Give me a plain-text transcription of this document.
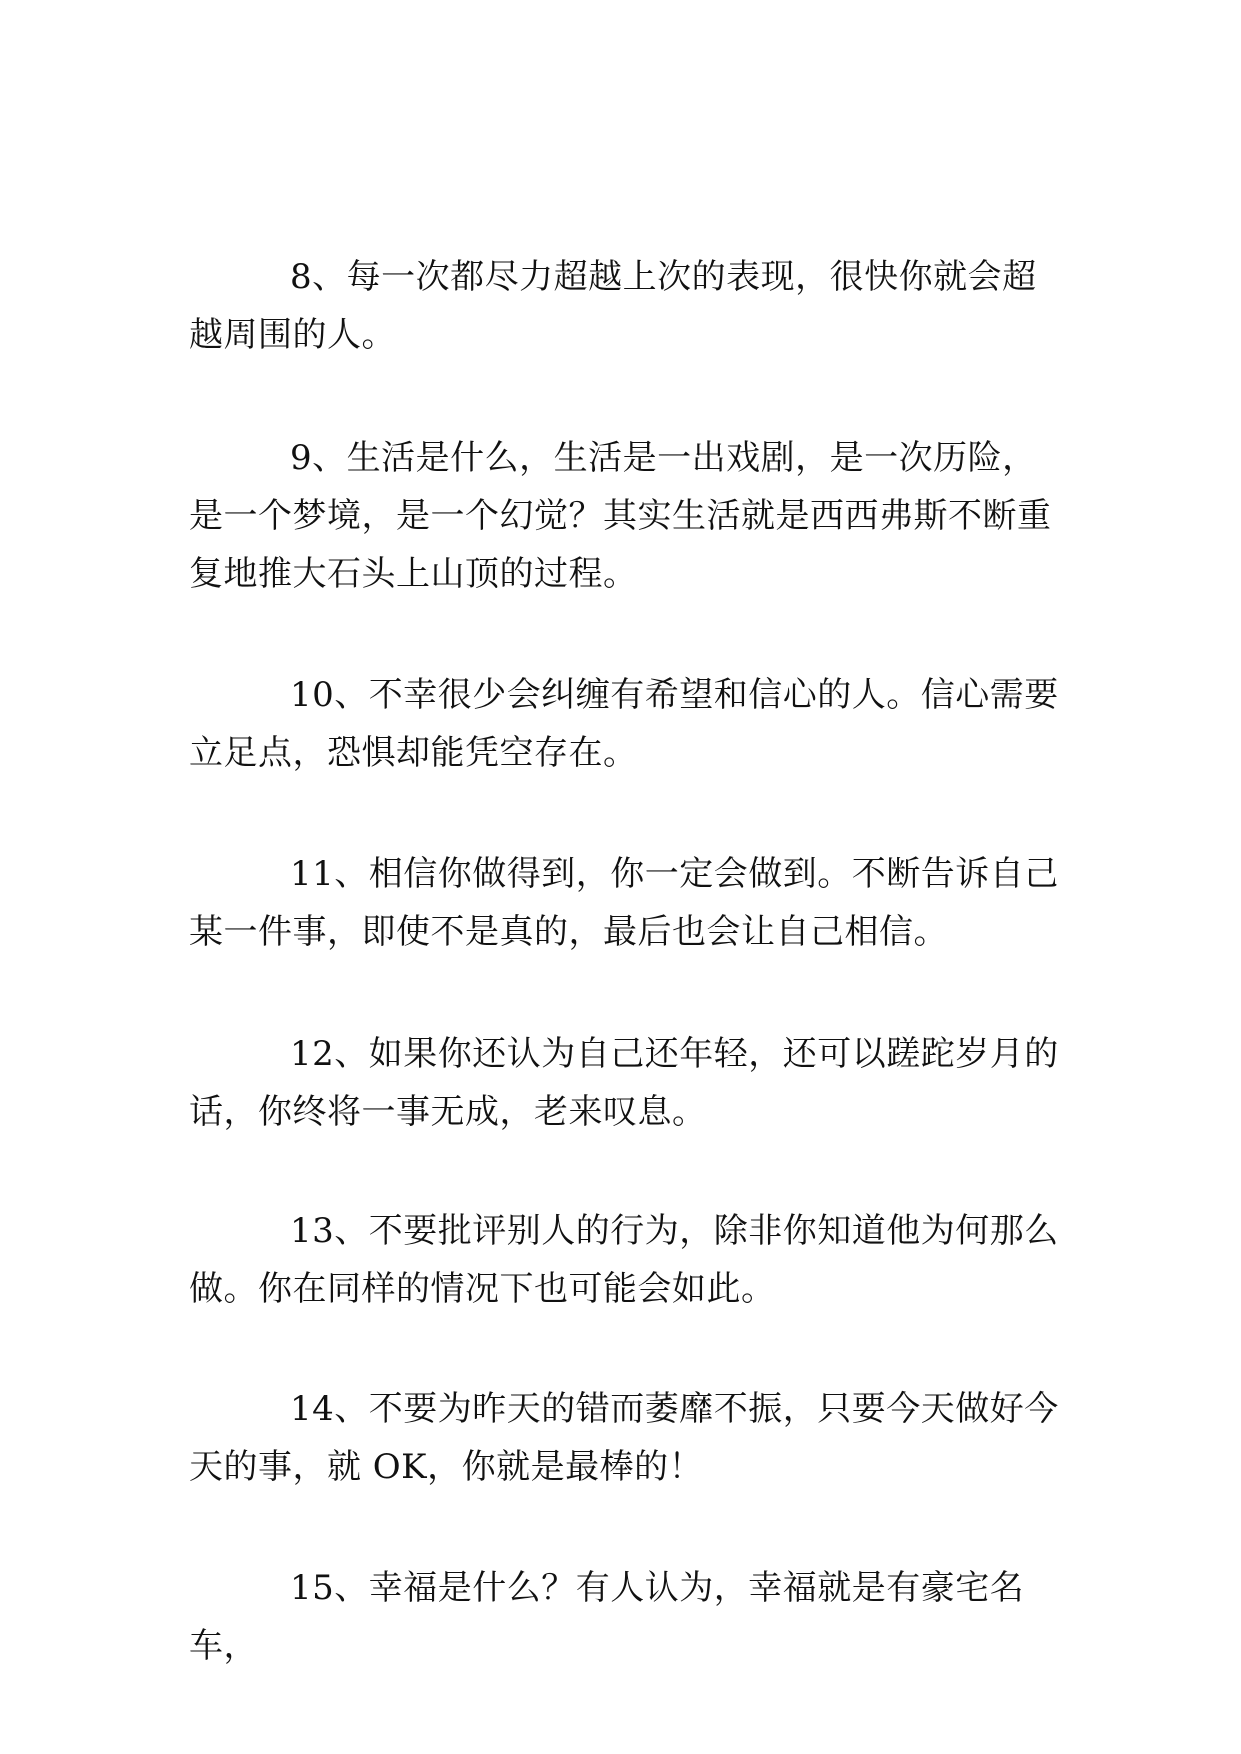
8、每一次都尽力超越上次的表现，很快你就会超越周围的人。

9、生活是什么，生活是一出戏剧，是一次历险，是一个梦境，是一个幻觉？其实生活就是西西弗斯不断重复地推大石头上山顶的过程。

10、不幸很少会纠缠有希望和信心的人。信心需要立足点，恐惧却能凭空存在。

11、相信你做得到，你一定会做到。不断告诉自己某一件事，即使不是真的，最后也会让自己相信。

12、如果你还认为自己还年轻，还可以蹉跎岁月的话，你终将一事无成，老来叹息。

13、不要批评别人的行为，除非你知道他为何那么做。你在同样的情况下也可能会如此。

14、不要为昨天的错而萎靡不振，只要今天做好今天的事，就 OK，你就是最棒的！

15、幸福是什么？有人认为，幸福就是有豪宅名车，
